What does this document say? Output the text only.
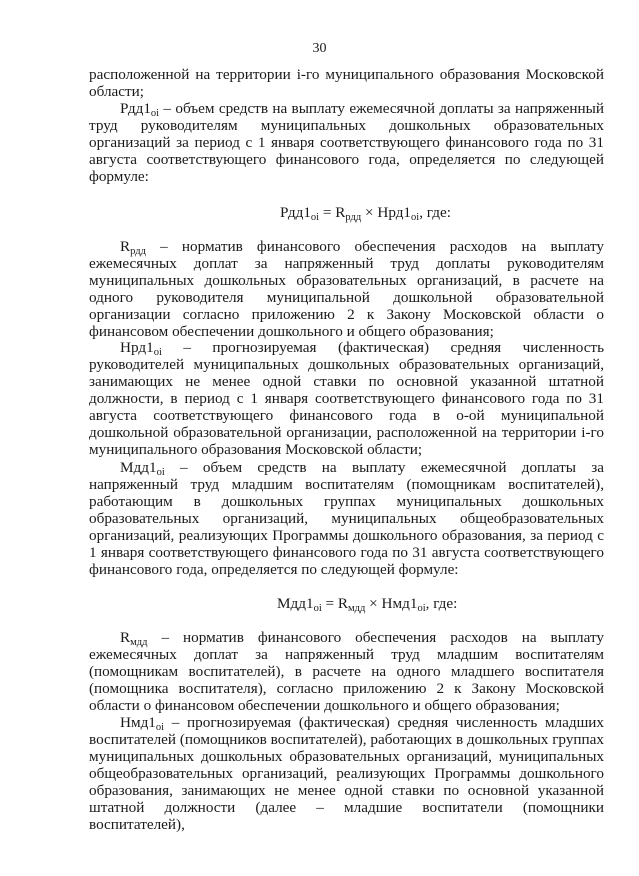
30

расположенной на территории i-го муниципального образования Московской области;

$Рдд1_{oi}$ – объем средств на выплату ежемесячной доплаты за напряженный труд руководителям муниципальных дошкольных образовательных организаций за период с 1 января соответствующего финансового года по 31 августа соответствующего финансового года, определяется по следующей формуле:

$Рдд1_{oi} = R_{рдд} \times Нрд1_{oi}$, где:

$R_{рдд}$ – норматив финансового обеспечения расходов на выплату ежемесячных доплат за напряженный труд доплаты руководителям муниципальных дошкольных образовательных организаций, в расчете на одного руководителя муниципальной дошкольной образовательной организации согласно приложению 2 к Закону Московской области о финансовом обеспечении дошкольного и общего образования;

$Нрд1_{oi}$ – прогнозируемая (фактическая) средняя численность руководителей муниципальных дошкольных образовательных организаций, занимающих не менее одной ставки по основной указанной штатной должности, в период с 1 января соответствующего финансового года по 31 августа соответствующего финансового года в o-ой муниципальной дошкольной образовательной организации, расположенной на территории i-го муниципального образования Московской области;

$Мдд1_{oi}$ – объем средств на выплату ежемесячной доплаты за напряженный труд младшим воспитателям (помощникам воспитателей), работающим в дошкольных группах муниципальных дошкольных образовательных организаций, муниципальных общеобразовательных организаций, реализующих Программы дошкольного образования, за период с 1 января соответствующего финансового года по 31 августа соответствующего финансового года, определяется по следующей формуле:

$Мдд1_{oi} = R_{мдд} \times Нмд1_{oi}$, где:

$R_{мдд}$ – норматив финансового обеспечения расходов на выплату ежемесячных доплат за напряженный труд младшим воспитателям (помощникам воспитателей), в расчете на одного младшего воспитателя (помощника воспитателя), согласно приложению 2 к Закону Московской области о финансовом обеспечении дошкольного и общего образования;

$Нмд1_{oi}$ – прогнозируемая (фактическая) средняя численность младших воспитателей (помощников воспитателей), работающих в дошкольных группах муниципальных дошкольных образовательных организаций, муниципальных общеобразовательных организаций, реализующих Программы дошкольного образования, занимающих не менее одной ставки по основной указанной штатной должности (далее – младшие воспитатели (помощники воспитателей),
